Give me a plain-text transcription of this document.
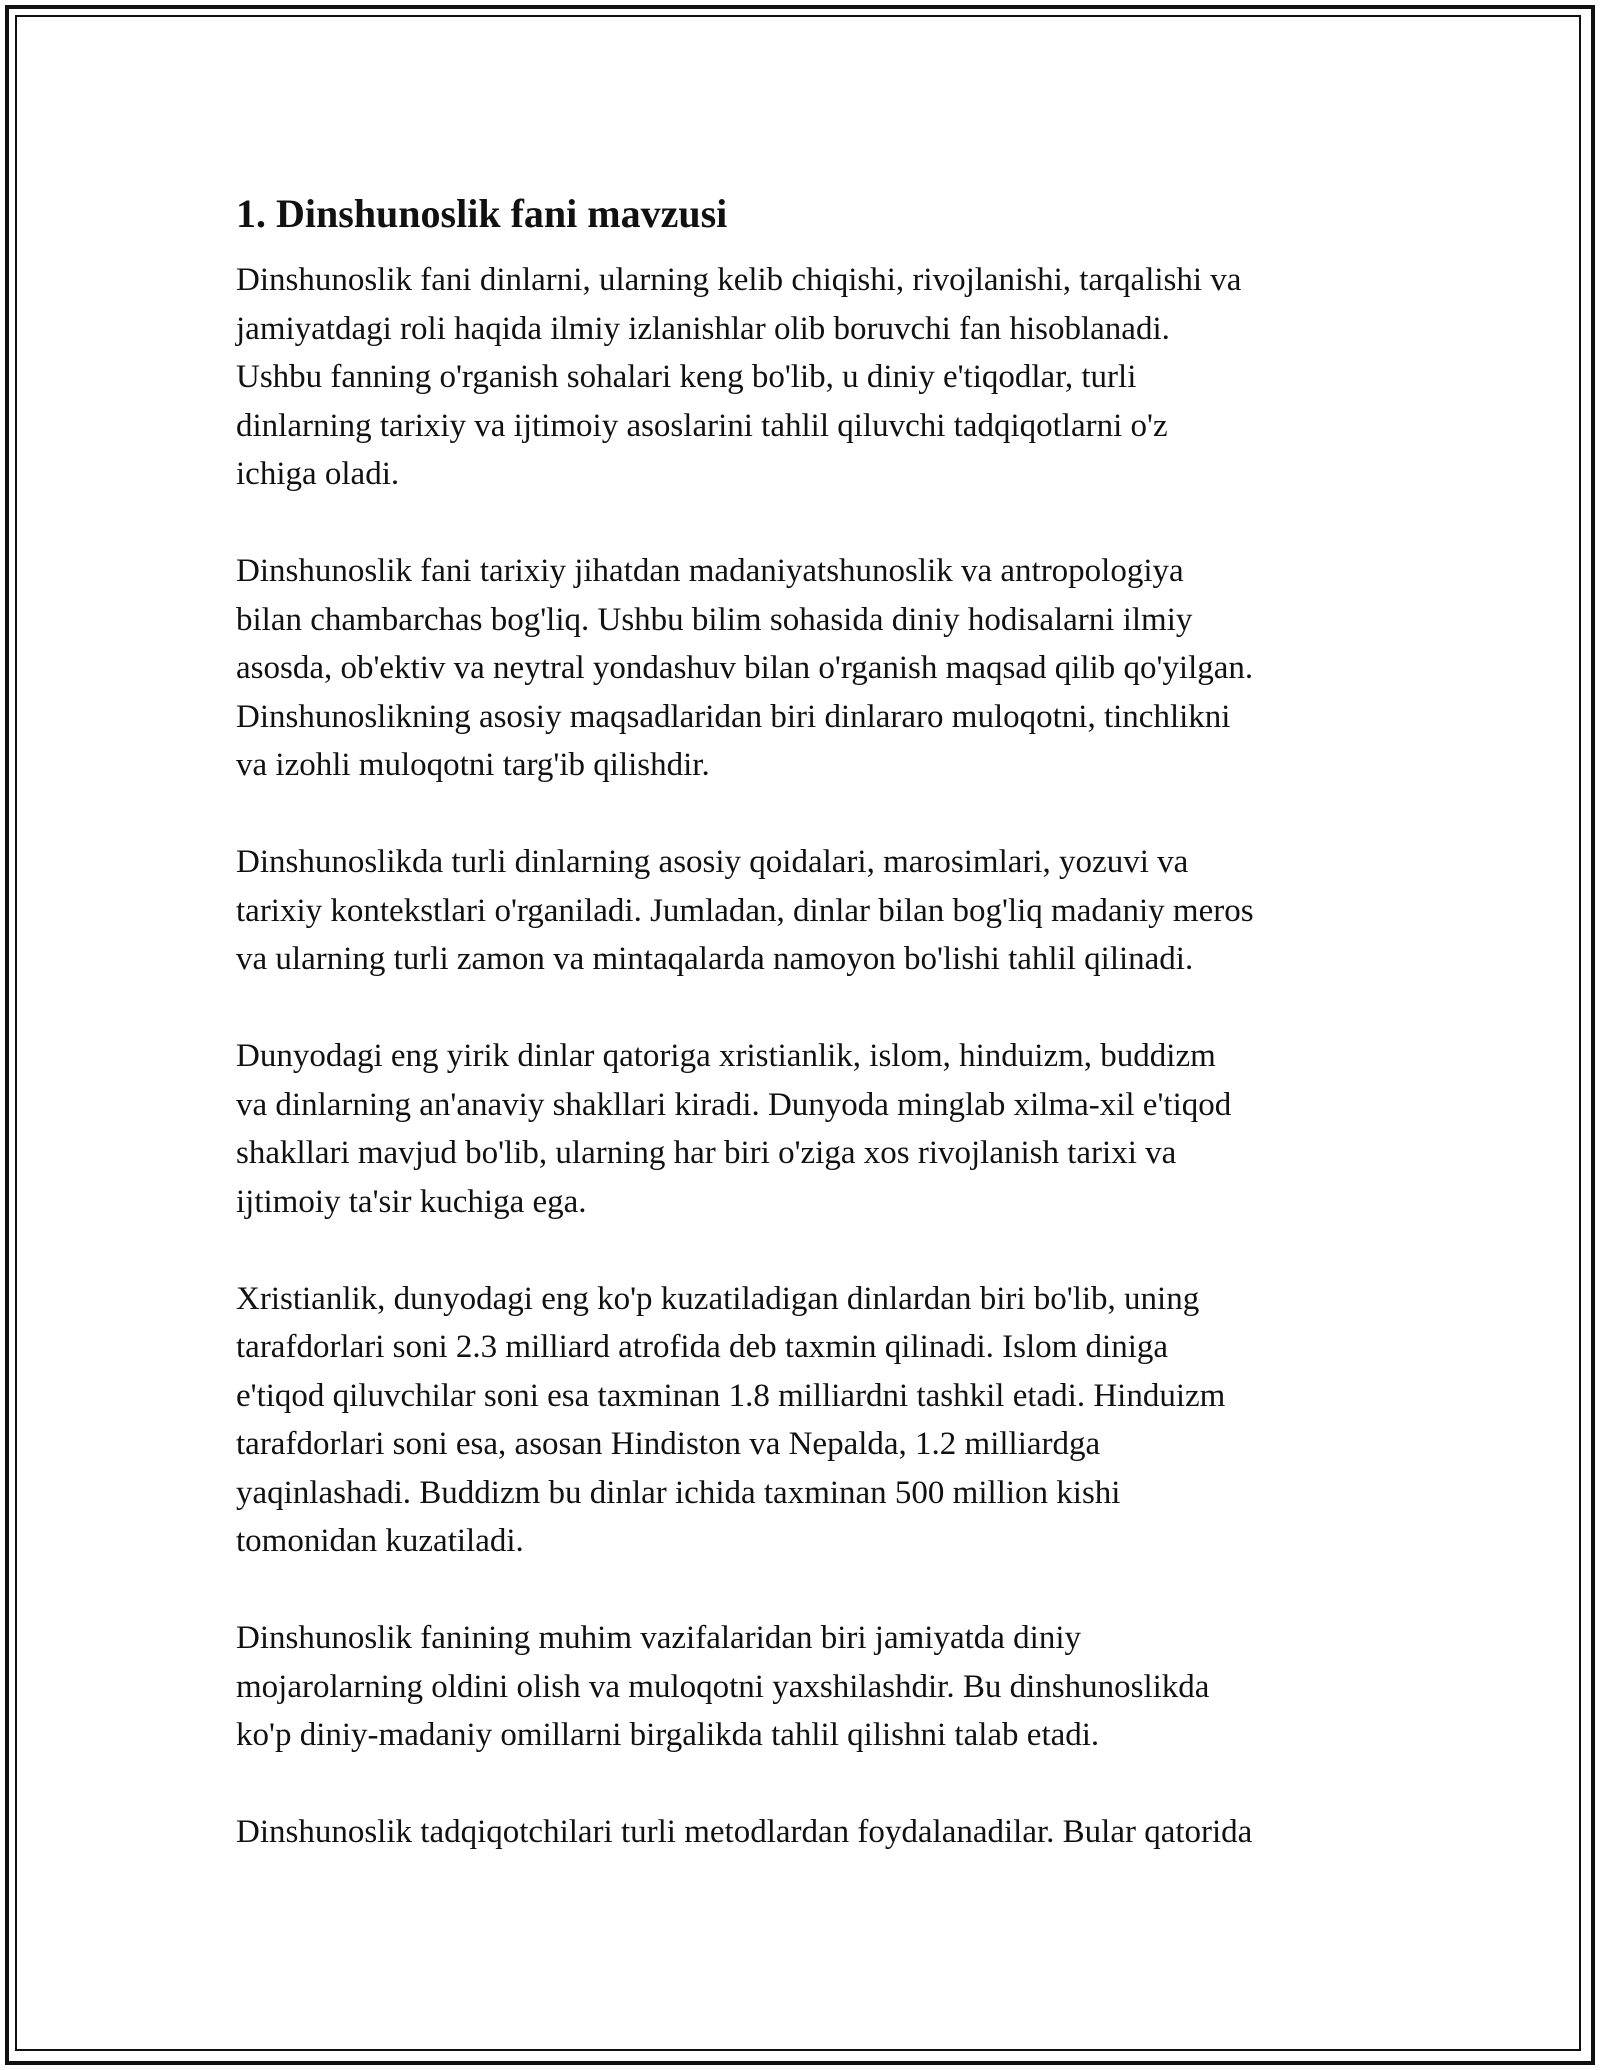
1. Dinshunoslik fani mavzusi

Dinshunoslik fani dinlarni, ularning kelib chiqishi, rivojlanishi, tarqalishi va
jamiyatdagi roli haqida ilmiy izlanishlar olib boruvchi fan hisoblanadi.
Ushbu fanning o'rganish sohalari keng bo'lib, u diniy e'tiqodlar, turli
dinlarning tarixiy va ijtimoiy asoslarini tahlil qiluvchi tadqiqotlarni o'z
ichiga oladi.

Dinshunoslik fani tarixiy jihatdan madaniyatshunoslik va antropologiya
bilan chambarchas bog'liq. Ushbu bilim sohasida diniy hodisalarni ilmiy
asosda, ob'ektiv va neytral yondashuv bilan o'rganish maqsad qilib qo'yilgan.
Dinshunoslikning asosiy maqsadlaridan biri dinlararo muloqotni, tinchlikni
va izohli muloqotni targ'ib qilishdir.

Dinshunoslikda turli dinlarning asosiy qoidalari, marosimlari, yozuvi va
tarixiy kontekstlari o'rganiladi. Jumladan, dinlar bilan bog'liq madaniy meros
va ularning turli zamon va mintaqalarda namoyon bo'lishi tahlil qilinadi.

Dunyodagi eng yirik dinlar qatoriga xristianlik, islom, hinduizm, buddizm
va dinlarning an'anaviy shakllari kiradi. Dunyoda minglab xilma-xil e'tiqod
shakllari mavjud bo'lib, ularning har biri o'ziga xos rivojlanish tarixi va
ijtimoiy ta'sir kuchiga ega.

Xristianlik, dunyodagi eng ko'p kuzatiladigan dinlardan biri bo'lib, uning
tarafdorlari soni 2.3 milliard atrofida deb taxmin qilinadi. Islom diniga
e'tiqod qiluvchilar soni esa taxminan 1.8 milliardni tashkil etadi. Hinduizm
tarafdorlari soni esa, asosan Hindiston va Nepalda, 1.2 milliardga
yaqinlashadi. Buddizm bu dinlar ichida taxminan 500 million kishi
tomonidan kuzatiladi.

Dinshunoslik fanining muhim vazifalaridan biri jamiyatda diniy
mojarolarning oldini olish va muloqotni yaxshilashdir. Bu dinshunoslikda
ko'p diniy-madaniy omillarni birgalikda tahlil qilishni talab etadi.

Dinshunoslik tadqiqotchilari turli metodlardan foydalanadilar. Bular qatorida
